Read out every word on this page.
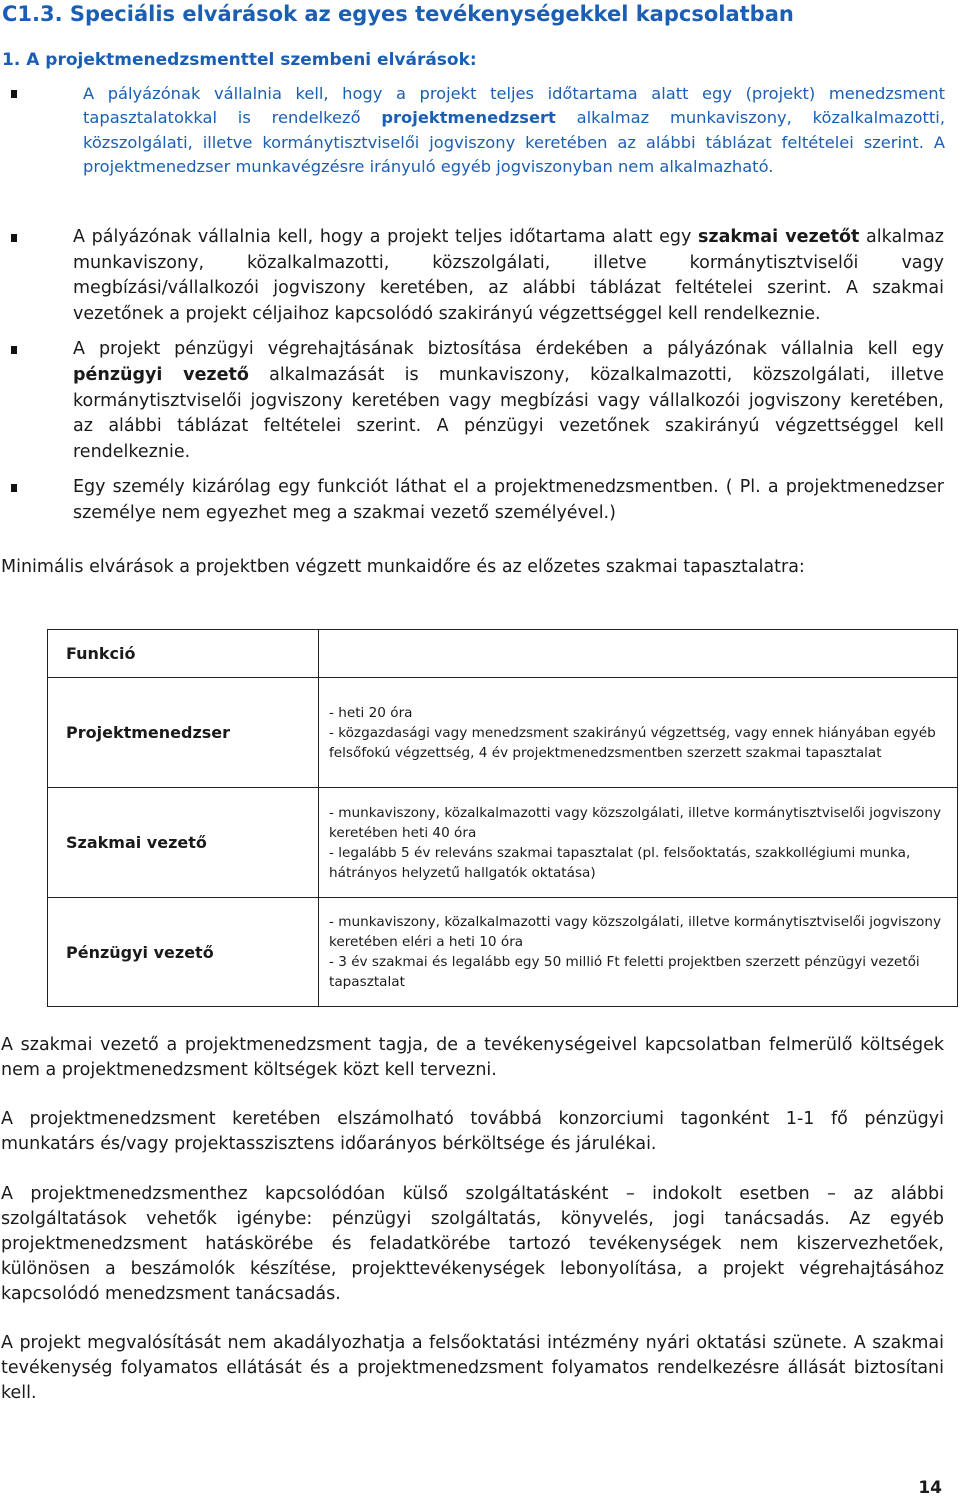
C1.3. Speciális elvárások az egyes tevékenységekkel kapcsolatban
1. A projektmenedzsmenttel szembeni elvárások:
A pályázónak vállalnia kell, hogy a projekt teljes időtartama alatt egy (projekt) menedzsment tapasztalatokkal is rendelkező projektmenedzsert alkalmaz munkaviszony, közalkalmazotti, közszolgálati, illetve kormánytisztviselői jogviszony keretében az alábbi táblázat feltételei szerint. A projektmenedzser munkavégzésre irányuló egyéb jogviszonyban nem alkalmazható.
A pályázónak vállalnia kell, hogy a projekt teljes időtartama alatt egy szakmai vezetőt alkalmaz munkaviszony, közalkalmazotti, közszolgálati, illetve kormánytisztviselői vagy megbízási/vállalkozói jogviszony keretében, az alábbi táblázat feltételei szerint. A szakmai vezetőnek a projekt céljaihoz kapcsolódó szakirányú végzettséggel kell rendelkeznie.
A projekt pénzügyi végrehajtásának biztosítása érdekében a pályázónak vállalnia kell egy pénzügyi vezető alkalmazását is munkaviszony, közalkalmazotti, közszolgálati, illetve kormánytisztviselői jogviszony keretében vagy megbízási vagy vállalkozói jogviszony keretében, az alábbi táblázat feltételei szerint. A pénzügyi vezetőnek szakirányú végzettséggel kell rendelkeznie.
Egy személy kizárólag egy funkciót láthat el a projektmenedzsmentben. ( Pl. a projektmenedzser személye nem egyezhet meg a szakmai vezető személyével.)

Minimális elvárások a projektben végzett munkaidőre és az előzetes szakmai tapasztalatra:

Funkció	
Projektmenedzser	- heti 20 óra
- közgazdasági vagy menedzsment szakirányú végzettség, vagy ennek hiányában egyéb felsőfokú végzettség, 4 év projektmenedzsmentben szerzett szakmai tapasztalat

Szakmai vezető	- munkaviszony, közalkalmazotti vagy közszolgálati, illetve kormánytisztviselői jogviszony keretében heti 40 óra
- legalább 5 év releváns szakmai tapasztalat (pl. felsőoktatás, szakkollégiumi munka, hátrányos helyzetű hallgatók oktatása)

Pénzügyi vezető	- munkaviszony, közalkalmazotti vagy közszolgálati, illetve kormánytisztviselői jogviszony keretében eléri a heti 10 óra
- 3 év szakmai és legalább egy 50 millió Ft feletti projektben szerzett pénzügyi vezetői tapasztalat

A szakmai vezető a projektmenedzsment tagja, de a tevékenységeivel kapcsolatban felmerülő költségek nem a projektmenedzsment költségek közt kell tervezni.

A projektmenedzsment keretében elszámolható továbbá konzorciumi tagonként 1-1 fő pénzügyi munkatárs és/vagy projektasszisztens időarányos bérköltsége és járulékai.

A projektmenedzsmenthez kapcsolódóan külső szolgáltatásként – indokolt esetben – az alábbi szolgáltatások vehetők igénybe: pénzügyi szolgáltatás, könyvelés, jogi tanácsadás. Az egyéb projektmenedzsment hatáskörébe és feladatkörébe tartozó tevékenységek nem kiszervezhetőek, különösen a beszámolók készítése, projekttevékenységek lebonyolítása, a projekt végrehajtásához kapcsolódó menedzsment tanácsadás.

A projekt megvalósítását nem akadályozhatja a felsőoktatási intézmény nyári oktatási szünete. A szakmai tevékenység folyamatos ellátását és a projektmenedzsment folyamatos rendelkezésre állását biztosítani kell.

14
